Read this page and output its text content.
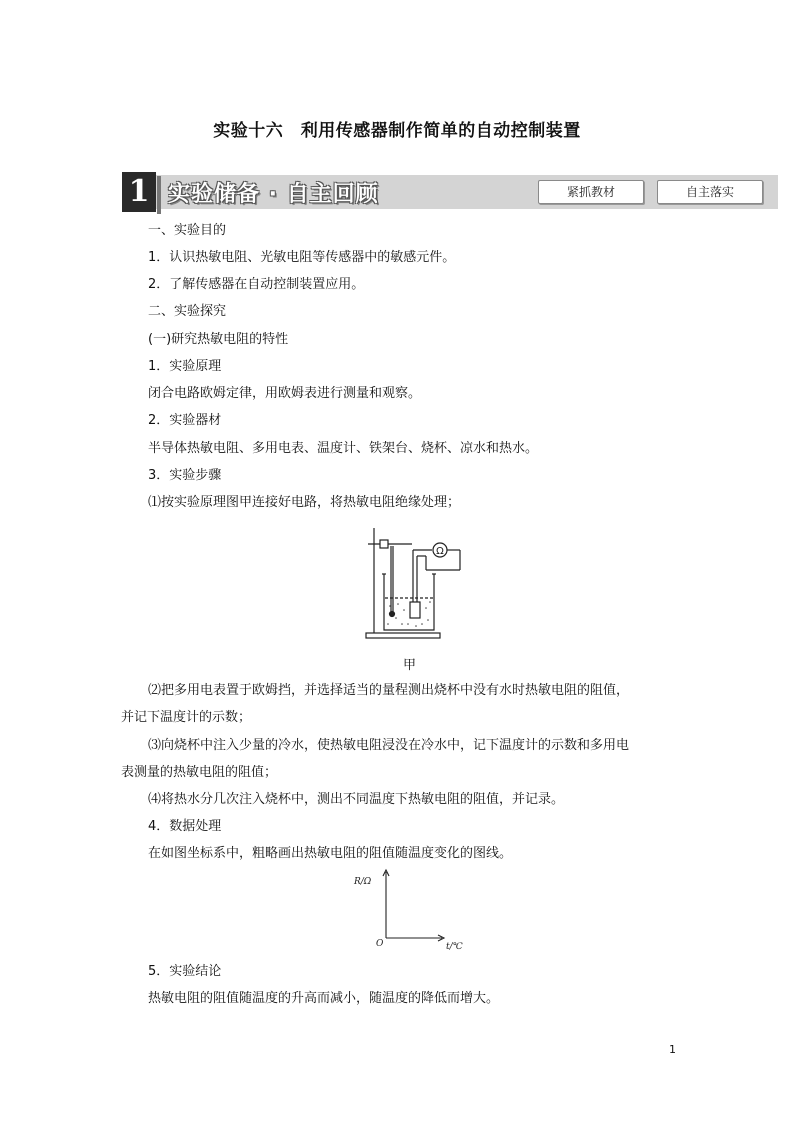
实验十六　利用传感器制作简单的自动控制装置
1 实验储备 · 自主回顾	紧抓教材	自主落实
一、实验目的
1．认识热敏电阻、光敏电阻等传感器中的敏感元件。
2．了解传感器在自动控制装置应用。
二、实验探究
(一)研究热敏电阻的特性
1．实验原理
闭合电路欧姆定律，用欧姆表进行测量和观察。
2．实验器材
半导体热敏电阻、多用电表、温度计、铁架台、烧杯、凉水和热水。
3．实验步骤
⑴按实验原理图甲连接好电路，将热敏电阻绝缘处理；
Ω
甲
⑵把多用电表置于欧姆挡，并选择适当的量程测出烧杯中没有水时热敏电阻的阻值，
并记下温度计的示数；
⑶向烧杯中注入少量的冷水，使热敏电阻浸没在冷水中，记下温度计的示数和多用电
表测量的热敏电阻的阻值；
⑷将热水分几次注入烧杯中，测出不同温度下热敏电阻的阻值，并记录。
4．数据处理
在如图坐标系中，粗略画出热敏电阻的阻值随温度变化的图线。
R/Ω
O	t/℃
5．实验结论
热敏电阻的阻值随温度的升高而减小，随温度的降低而增大。
1
